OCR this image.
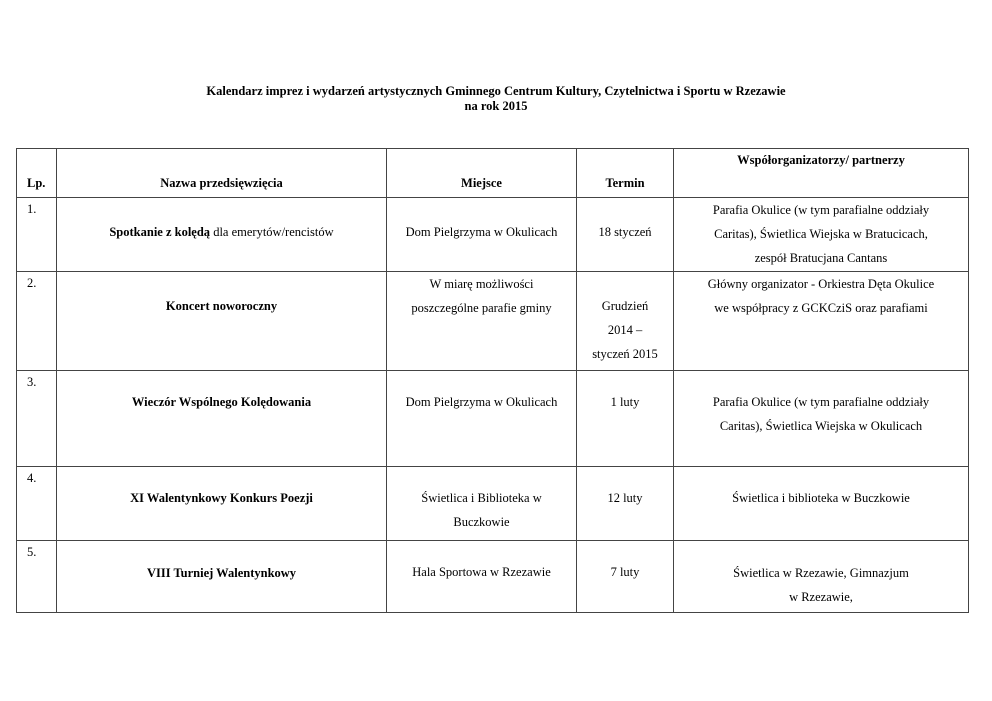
Kalendarz imprez i wydarzeń artystycznych Gminnego Centrum Kultury, Czytelnictwa i Sportu w Rzezawie
na rok 2015
Lp.	Nazwa przedsięwzięcia	Miejsce	Termin	Współorganizatorzy/ partnerzy
1.	Spotkanie z kolędą dla emerytów/rencistów	Dom Pielgrzyma w Okulicach	18 styczeń	Parafia Okulice (w tym parafialne oddziały
Caritas), Świetlica Wiejska w Bratucicach,
zespół Bratucjana Cantans

2.	Koncert noworoczny	W miarę możliwości
poszczególne parafie gminy	Grudzień
2014 –
styczeń 2015	Główny organizator - Orkiestra Dęta Okulice
we współpracy z GCKCziS oraz parafiami

3.	Wieczór Wspólnego Kolędowania	Dom Pielgrzyma w Okulicach	1 luty	Parafia Okulice (w tym parafialne oddziały
Caritas), Świetlica Wiejska w Okulicach

4.	XI Walentynkowy Konkurs Poezji	Świetlica i Biblioteka w
Buczkowie	12 luty	Świetlica i biblioteka w Buczkowie

5.	VIII Turniej Walentynkowy	Hala Sportowa w Rzezawie	7 luty	Świetlica w Rzezawie, Gimnazjum
w Rzezawie,
